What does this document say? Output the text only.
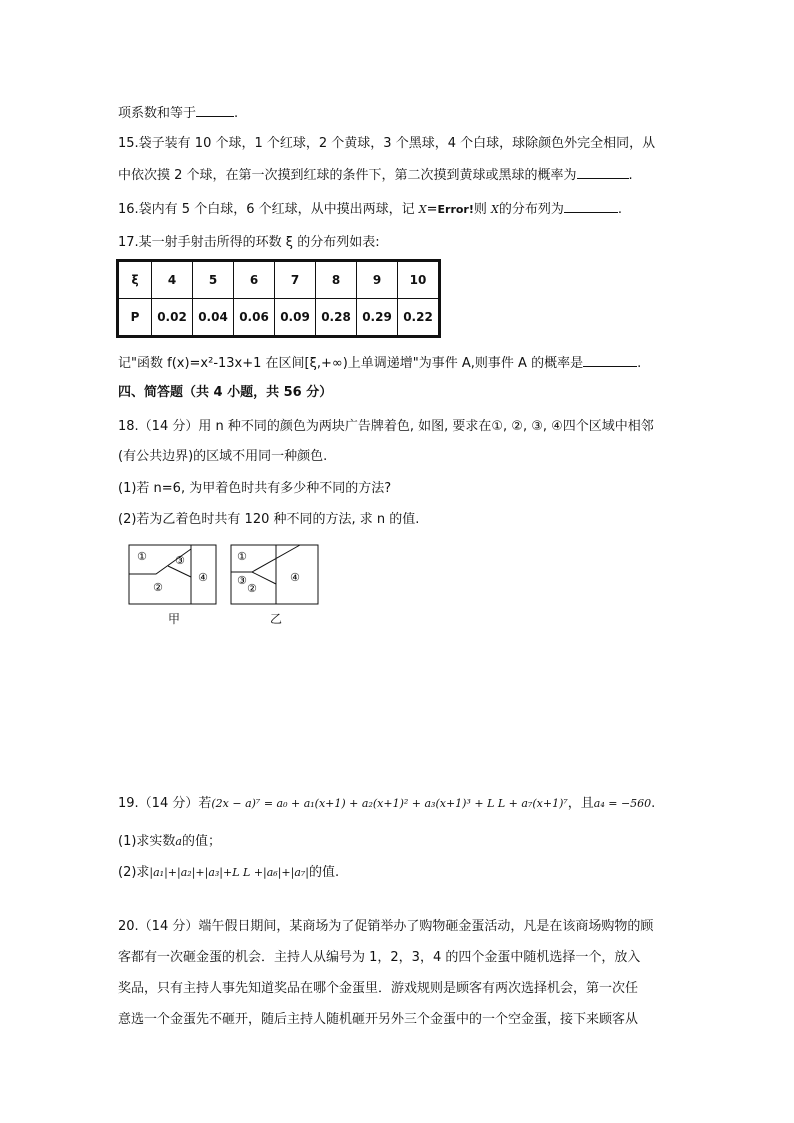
项系数和等于	.
15.袋子装有 10 个球，1 个红球，2 个黄球，3 个黑球，4 个白球，球除颜色外完全相同，从
中依次摸 2 个球，在第一次摸到红球的条件下，第二次摸到黄球或黑球的概率为	.
16.袋内有 5 个白球，6 个红球，从中摸出两球，记 X=Error!则 X的分布列为	.
17.某一射手射击所得的环数 ξ 的分布列如表:
ξ	4	5	6	7	8	9	10
P	0.02	0.04	0.06	0.09	0.28	0.29	0.22
记"函数 f(x)=x²-13x+1 在区间[ξ,+∞)上单调递增"为事件 A,则事件 A 的概率是	.
四、简答题（共 4 小题，共 56 分）
18.（14 分）用 n 种不同的颜色为两块广告牌着色, 如图, 要求在①, ②, ③, ④四个区域中相邻
(有公共边界)的区域不用同一种颜色.
(1)若 n=6, 为甲着色时共有多少种不同的方法?
(2)若为乙着色时共有 120 种不同的方法, 求 n 的值.
①	③
②
④
甲
①
③
②
④
乙
19.（14 分）若(2x − a)⁷ = a₀ + a₁(x+1) + a₂(x+1)² + a₃(x+1)³ + L L + a₇(x+1)⁷，且a₄ = −560.
(1)求实数a的值；
(2)求|a₁|+|a₂|+|a₃|+L L +|a₆|+|a₇|的值.
20.（14 分）端午假日期间，某商场为了促销举办了购物砸金蛋活动，凡是在该商场购物的顾
客都有一次砸金蛋的机会．主持人从编号为 1，2，3，4 的四个金蛋中随机选择一个，放入
奖品，只有主持人事先知道奖品在哪个金蛋里．游戏规则是顾客有两次选择机会，第一次任
意选一个金蛋先不砸开，随后主持人随机砸开另外三个金蛋中的一个空金蛋，接下来顾客从
